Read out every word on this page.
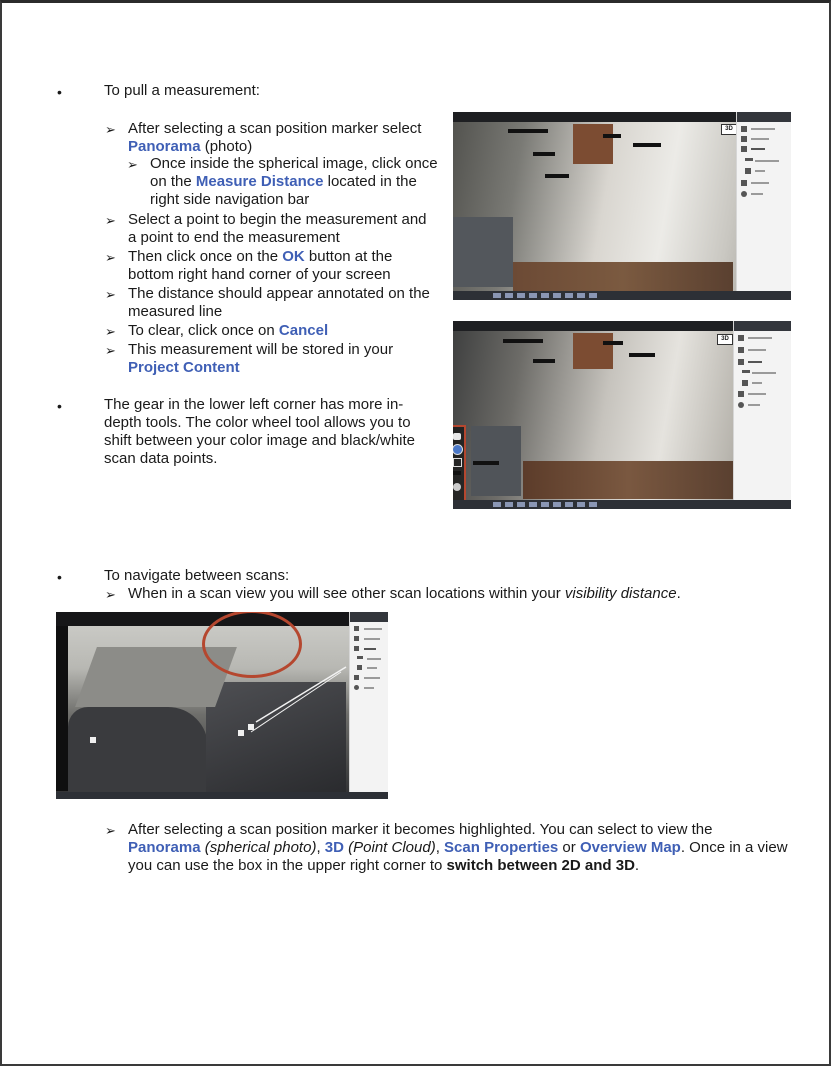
•	To pull a measurement:
➢ After selecting a scan position marker select Panorama (photo)
➢ Once inside the spherical image, click once on the Measure Distance located in the right side navigation bar
➢ Select a point to begin the measurement and a point to end the measurement
➢ Then click once on the OK button at the bottom right hand corner of your screen
➢ The distance should appear annotated on the measured line
➢ To clear, click once on Cancel
➢ This measurement will be stored in your
Project Content
•	The gear in the lower left corner has more in-depth tools. The color wheel tool allows you to shift between your color image and black/white scan data points.
3D
3D
•	To navigate between scans:
➢ When in a scan view you will see other scan locations within your visibility distance.
➢ After selecting a scan position marker it becomes highlighted. You can select to view the Panorama (spherical photo), 3D (Point Cloud), Scan Properties or Overview Map. Once in a view you can use the box in the upper right corner to switch between 2D and 3D.
